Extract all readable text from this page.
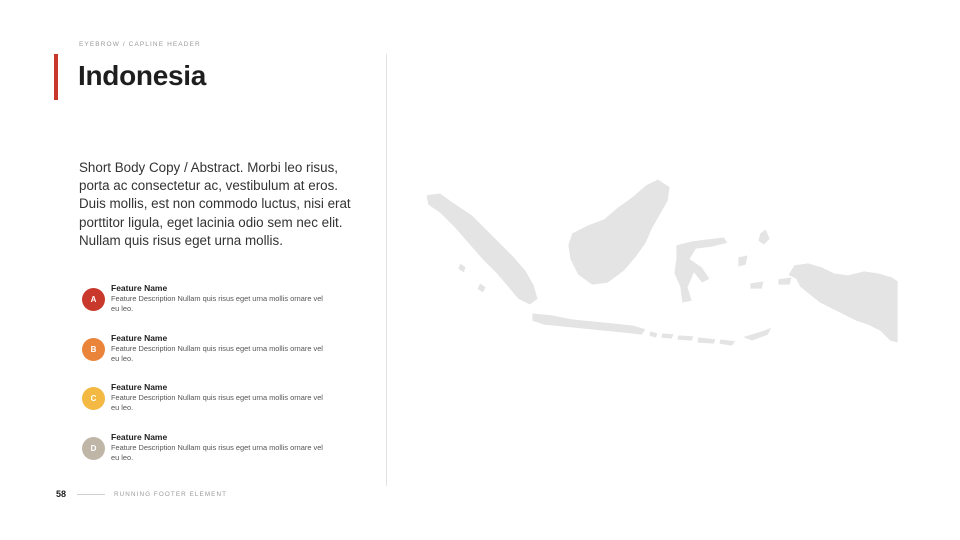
EYEBROW / CAPLINE HEADER
Indonesia

Short Body Copy / Abstract. Morbi leo risus, porta ac consectetur ac, vestibulum at eros. Duis mollis, est non commodo luctus, nisi erat porttitor ligula, eget lacinia odio sem nec elit. Nullam quis risus eget urna mollis.

A
Feature Name
Feature Description Nullam quis risus eget urna mollis ornare vel eu leo.
B
Feature Name
Feature Description Nullam quis risus eget urna mollis ornare vel eu leo.
C
Feature Name
Feature Description Nullam quis risus eget urna mollis ornare vel eu leo.
D
Feature Name
Feature Description Nullam quis risus eget urna mollis ornare vel eu leo.
58	RUNNING FOOTER ELEMENT
